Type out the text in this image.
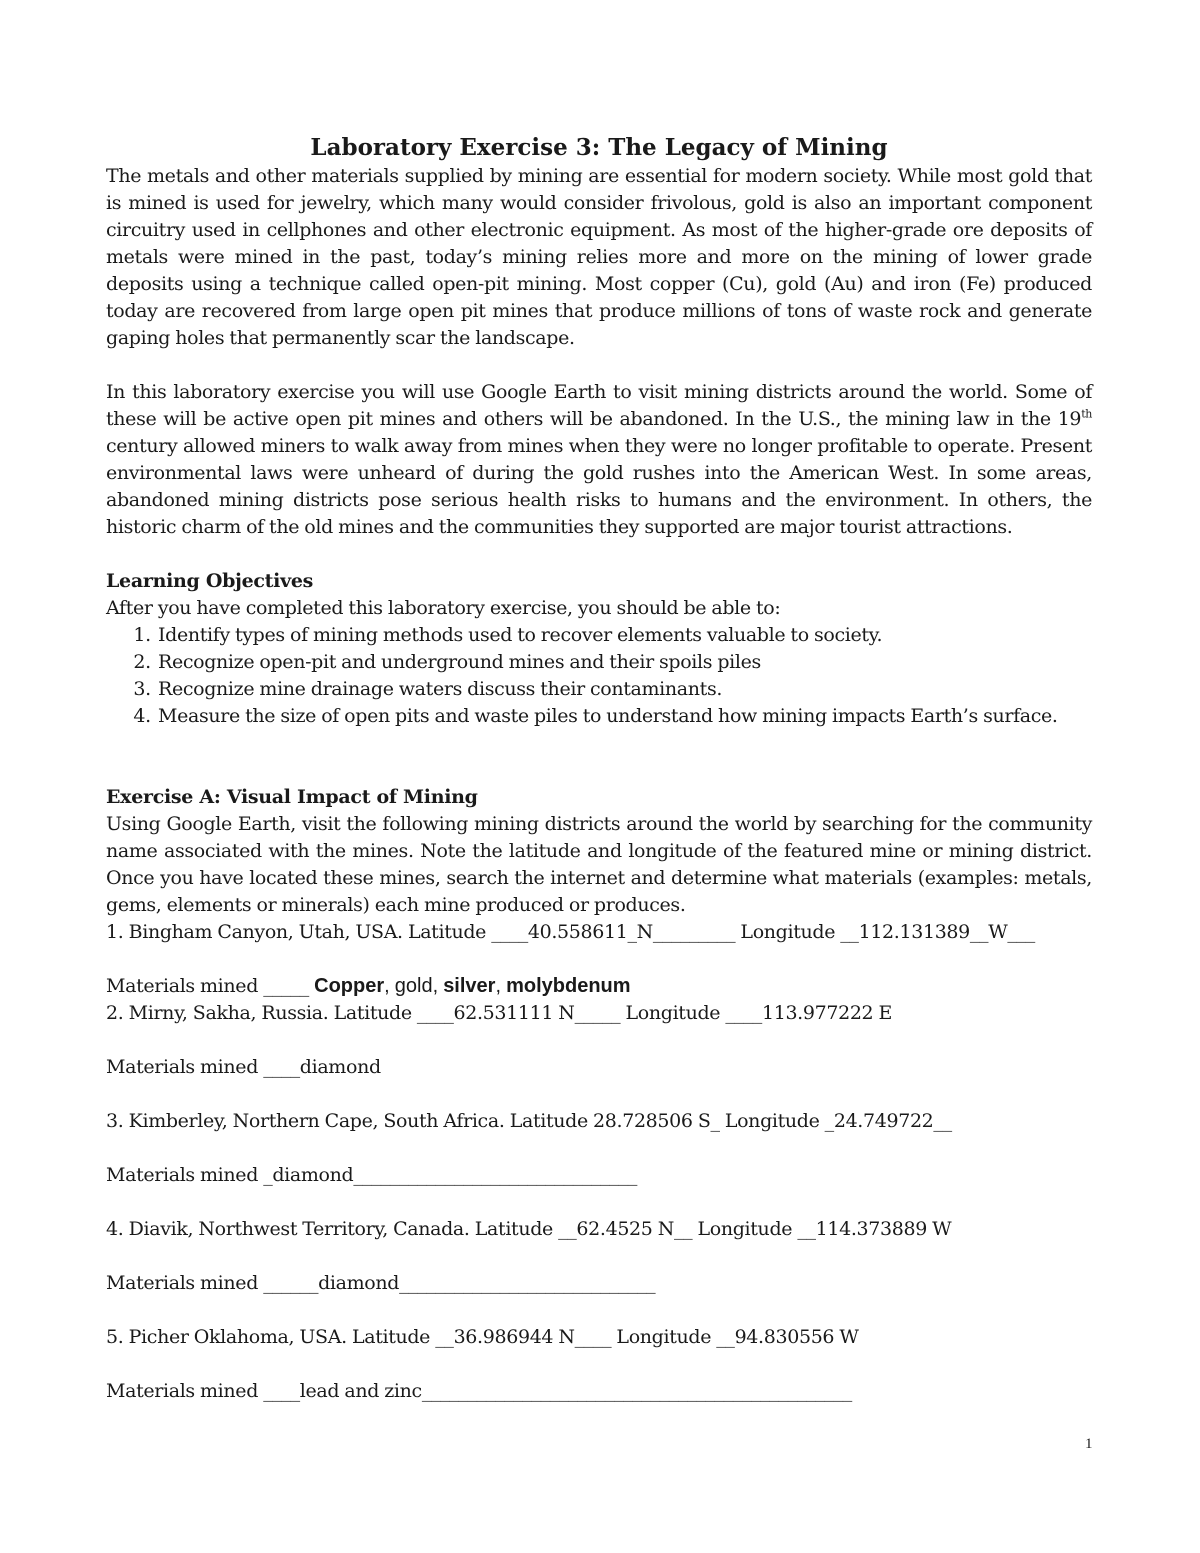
Laboratory Exercise 3: The Legacy of Mining

The metals and other materials supplied by mining are essential for modern society. While most gold that is mined is used for jewelry, which many would consider frivolous, gold is also an important component circuitry used in cellphones and other electronic equipment. As most of the higher-grade ore deposits of metals were mined in the past, today’s mining relies more and more on the mining of lower grade deposits using a technique called open-pit mining. Most copper (Cu), gold (Au) and iron (Fe) produced today are recovered from large open pit mines that produce millions of tons of waste rock and generate gaping holes that permanently scar the landscape.

In this laboratory exercise you will use Google Earth to visit mining districts around the world. Some of these will be active open pit mines and others will be abandoned. In the U.S., the mining law in the 19th century allowed miners to walk away from mines when they were no longer profitable to operate. Present environmental laws were unheard of during the gold rushes into the American West. In some areas, abandoned mining districts pose serious health risks to humans and the environment. In others, the historic charm of the old mines and the communities they supported are major tourist attractions.

Learning Objectives

After you have completed this laboratory exercise, you should be able to:

1. Identify types of mining methods used to recover elements valuable to society.
2. Recognize open-pit and underground mines and their spoils piles
3. Recognize mine drainage waters discuss their contaminants.
4. Measure the size of open pits and waste piles to understand how mining impacts Earth’s surface.

Exercise A: Visual Impact of Mining

Using Google Earth, visit the following mining districts around the world by searching for the community name associated with the mines. Note the latitude and longitude of the featured mine or mining district. Once you have located these mines, search the internet and determine what materials (examples: metals, gems, elements or minerals) each mine produced or produces.

1. Bingham Canyon, Utah, USA. Latitude ____40.558611_N_________ Longitude __112.131389__W___

Materials mined _____ Copper, gold, silver, molybdenum

2. Mirny, Sakha, Russia. Latitude ____62.531111 N_____ Longitude ____113.977222 E

Materials mined ____diamond

3. Kimberley, Northern Cape, South Africa. Latitude 28.728506 S_ Longitude _24.749722__

Materials mined _diamond_______________________________

4. Diavik, Northwest Territory, Canada. Latitude __62.4525 N__ Longitude __114.373889 W

Materials mined ______diamond____________________________

5. Picher Oklahoma, USA. Latitude __36.986944 N____ Longitude __94.830556 W

Materials mined ____lead and zinc_______________________________________________

1
